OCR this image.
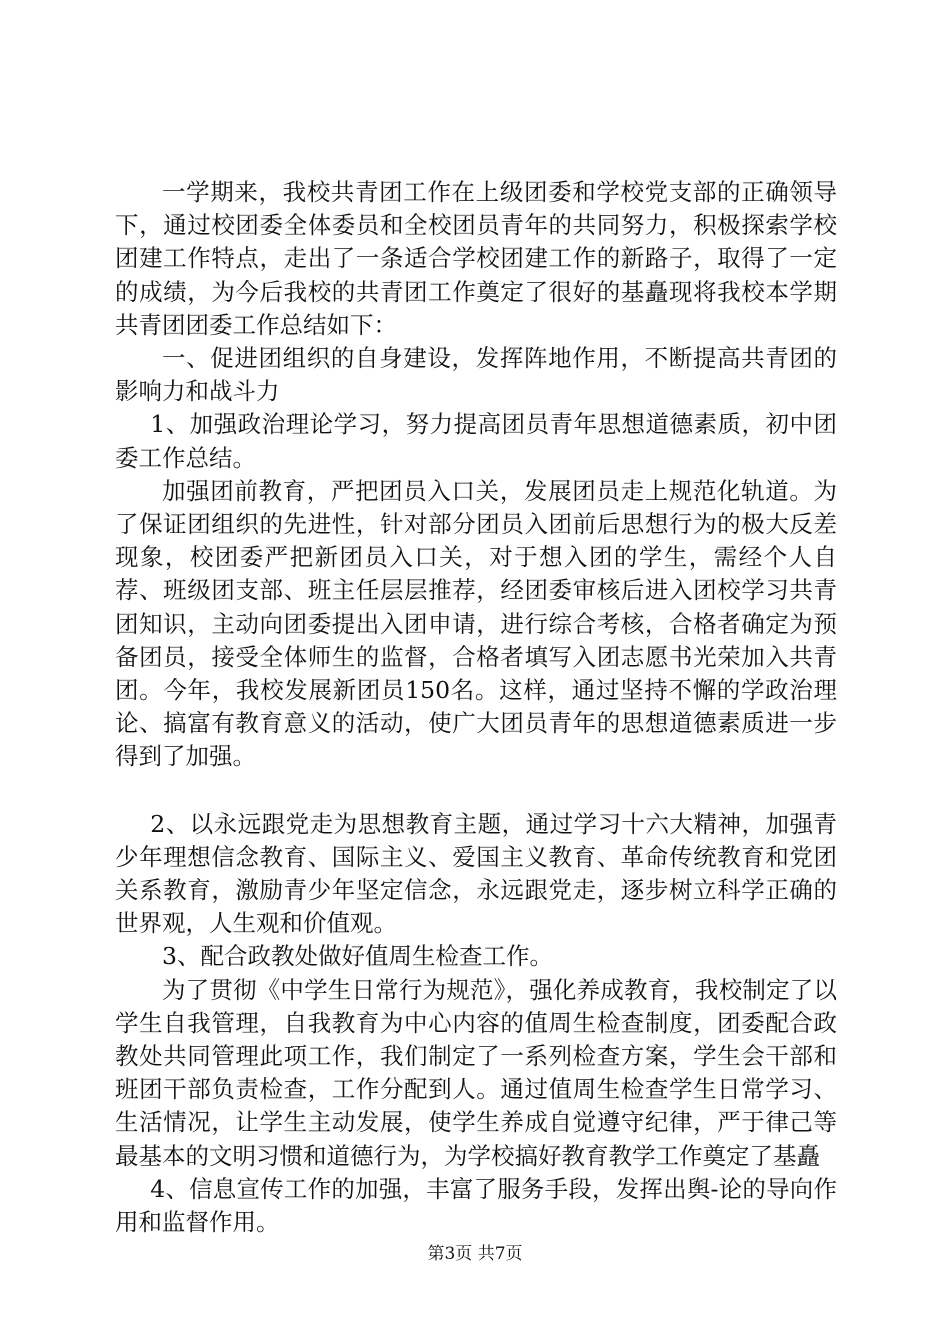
一学期来，我校共青团工作在上级团委和学校党支部的正确领导下，通过校团委全体委员和全校团员青年的共同努力，积极探索学校团建工作特点，走出了一条适合学校团建工作的新路子，取得了一定的成绩，为今后我校的共青团工作奠定了很好的基矗现将我校本学期共青团团委工作总结如下：

一、促进团组织的自身建设，发挥阵地作用，不断提高共青团的影响力和战斗力

1、加强政治理论学习，努力提高团员青年思想道德素质，初中团委工作总结。

加强团前教育，严把团员入口关，发展团员走上规范化轨道。为了保证团组织的先进性，针对部分团员入团前后思想行为的极大反差现象，校团委严把新团员入口关，对于想入团的学生，需经个人自荐、班级团支部、班主任层层推荐，经团委审核后进入团校学习共青团知识，主动向团委提出入团申请，进行综合考核，合格者确定为预备团员，接受全体师生的监督，合格者填写入团志愿书光荣加入共青团。今年，我校发展新团员150名。这样，通过坚持不懈的学政治理论、搞富有教育意义的活动，使广大团员青年的思想道德素质进一步得到了加强。

2、以永远跟党走为思想教育主题，通过学习十六大精神，加强青少年理想信念教育、国际主义、爱国主义教育、革命传统教育和党团关系教育，激励青少年坚定信念，永远跟党走，逐步树立科学正确的世界观，人生观和价值观。

3、配合政教处做好值周生检查工作。

为了贯彻《中学生日常行为规范》，强化养成教育，我校制定了以学生自我管理，自我教育为中心内容的值周生检查制度，团委配合政教处共同管理此项工作，我们制定了一系列检查方案，学生会干部和班团干部负责检查，工作分配到人。通过值周生检查学生日常学习、生活情况，让学生主动发展，使学生养成自觉遵守纪律，严于律己等最基本的文明习惯和道德行为，为学校搞好教育教学工作奠定了基矗

4、信息宣传工作的加强，丰富了服务手段，发挥出舆-论的导向作用和监督作用。

第3页 共7页
